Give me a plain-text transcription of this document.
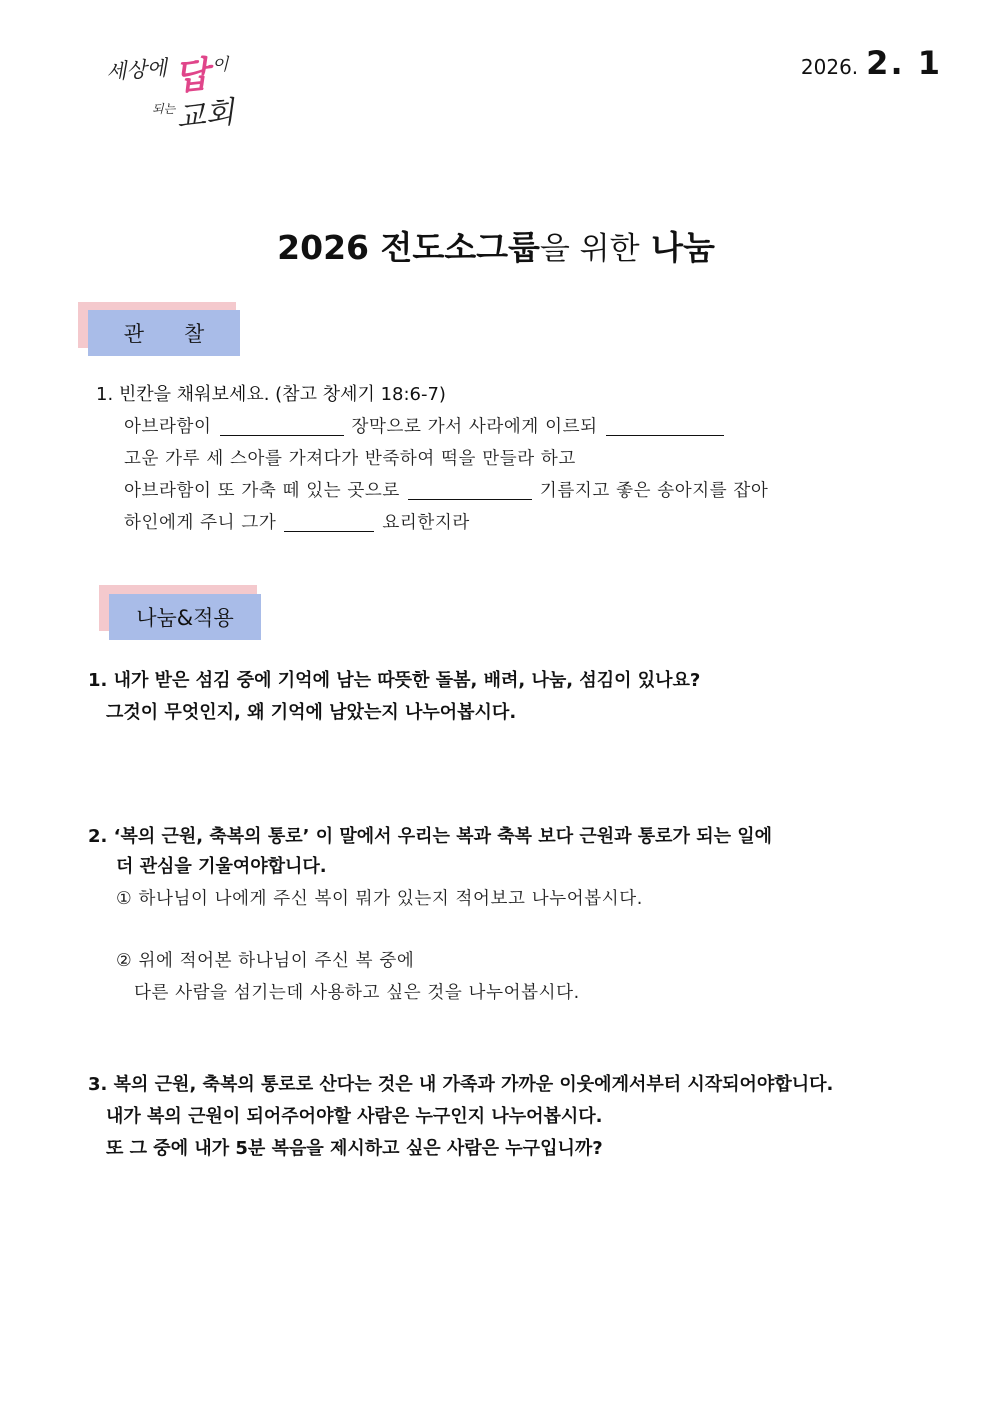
세상에 답 이
되는 교회
2026. 2. 1
2026 전도소그룹을 위한 나눔
관      찰
1. 빈칸을 채워보세요. (참고 창세기 18:6-7)
아브라함이	장막으로 가서 사라에게 이르되
고운 가루 세 스아를 가져다가 반죽하여 떡을 만들라 하고
아브라함이 또 가축 떼 있는 곳으로	기름지고 좋은 송아지를 잡아
하인에게 주니 그가	요리한지라
나눔&적용
1. 내가 받은 섬김 중에 기억에 남는 따뜻한 돌봄, 배려, 나눔, 섬김이 있나요?
그것이 무엇인지, 왜 기억에 남았는지 나누어봅시다.
2. ‘복의 근원, 축복의 통로’ 이 말에서 우리는 복과 축복 보다 근원과 통로가 되는 일에
더 관심을 기울여야합니다.
① 하나님이 나에게 주신 복이 뭐가 있는지 적어보고 나누어봅시다.
② 위에 적어본 하나님이 주신 복 중에
다른 사람을 섬기는데 사용하고 싶은 것을 나누어봅시다.
3. 복의 근원, 축복의 통로로 산다는 것은 내 가족과 가까운 이웃에게서부터 시작되어야합니다.
내가 복의 근원이 되어주어야할 사람은 누구인지 나누어봅시다.
또 그 중에 내가 5분 복음을 제시하고 싶은 사람은 누구입니까?
